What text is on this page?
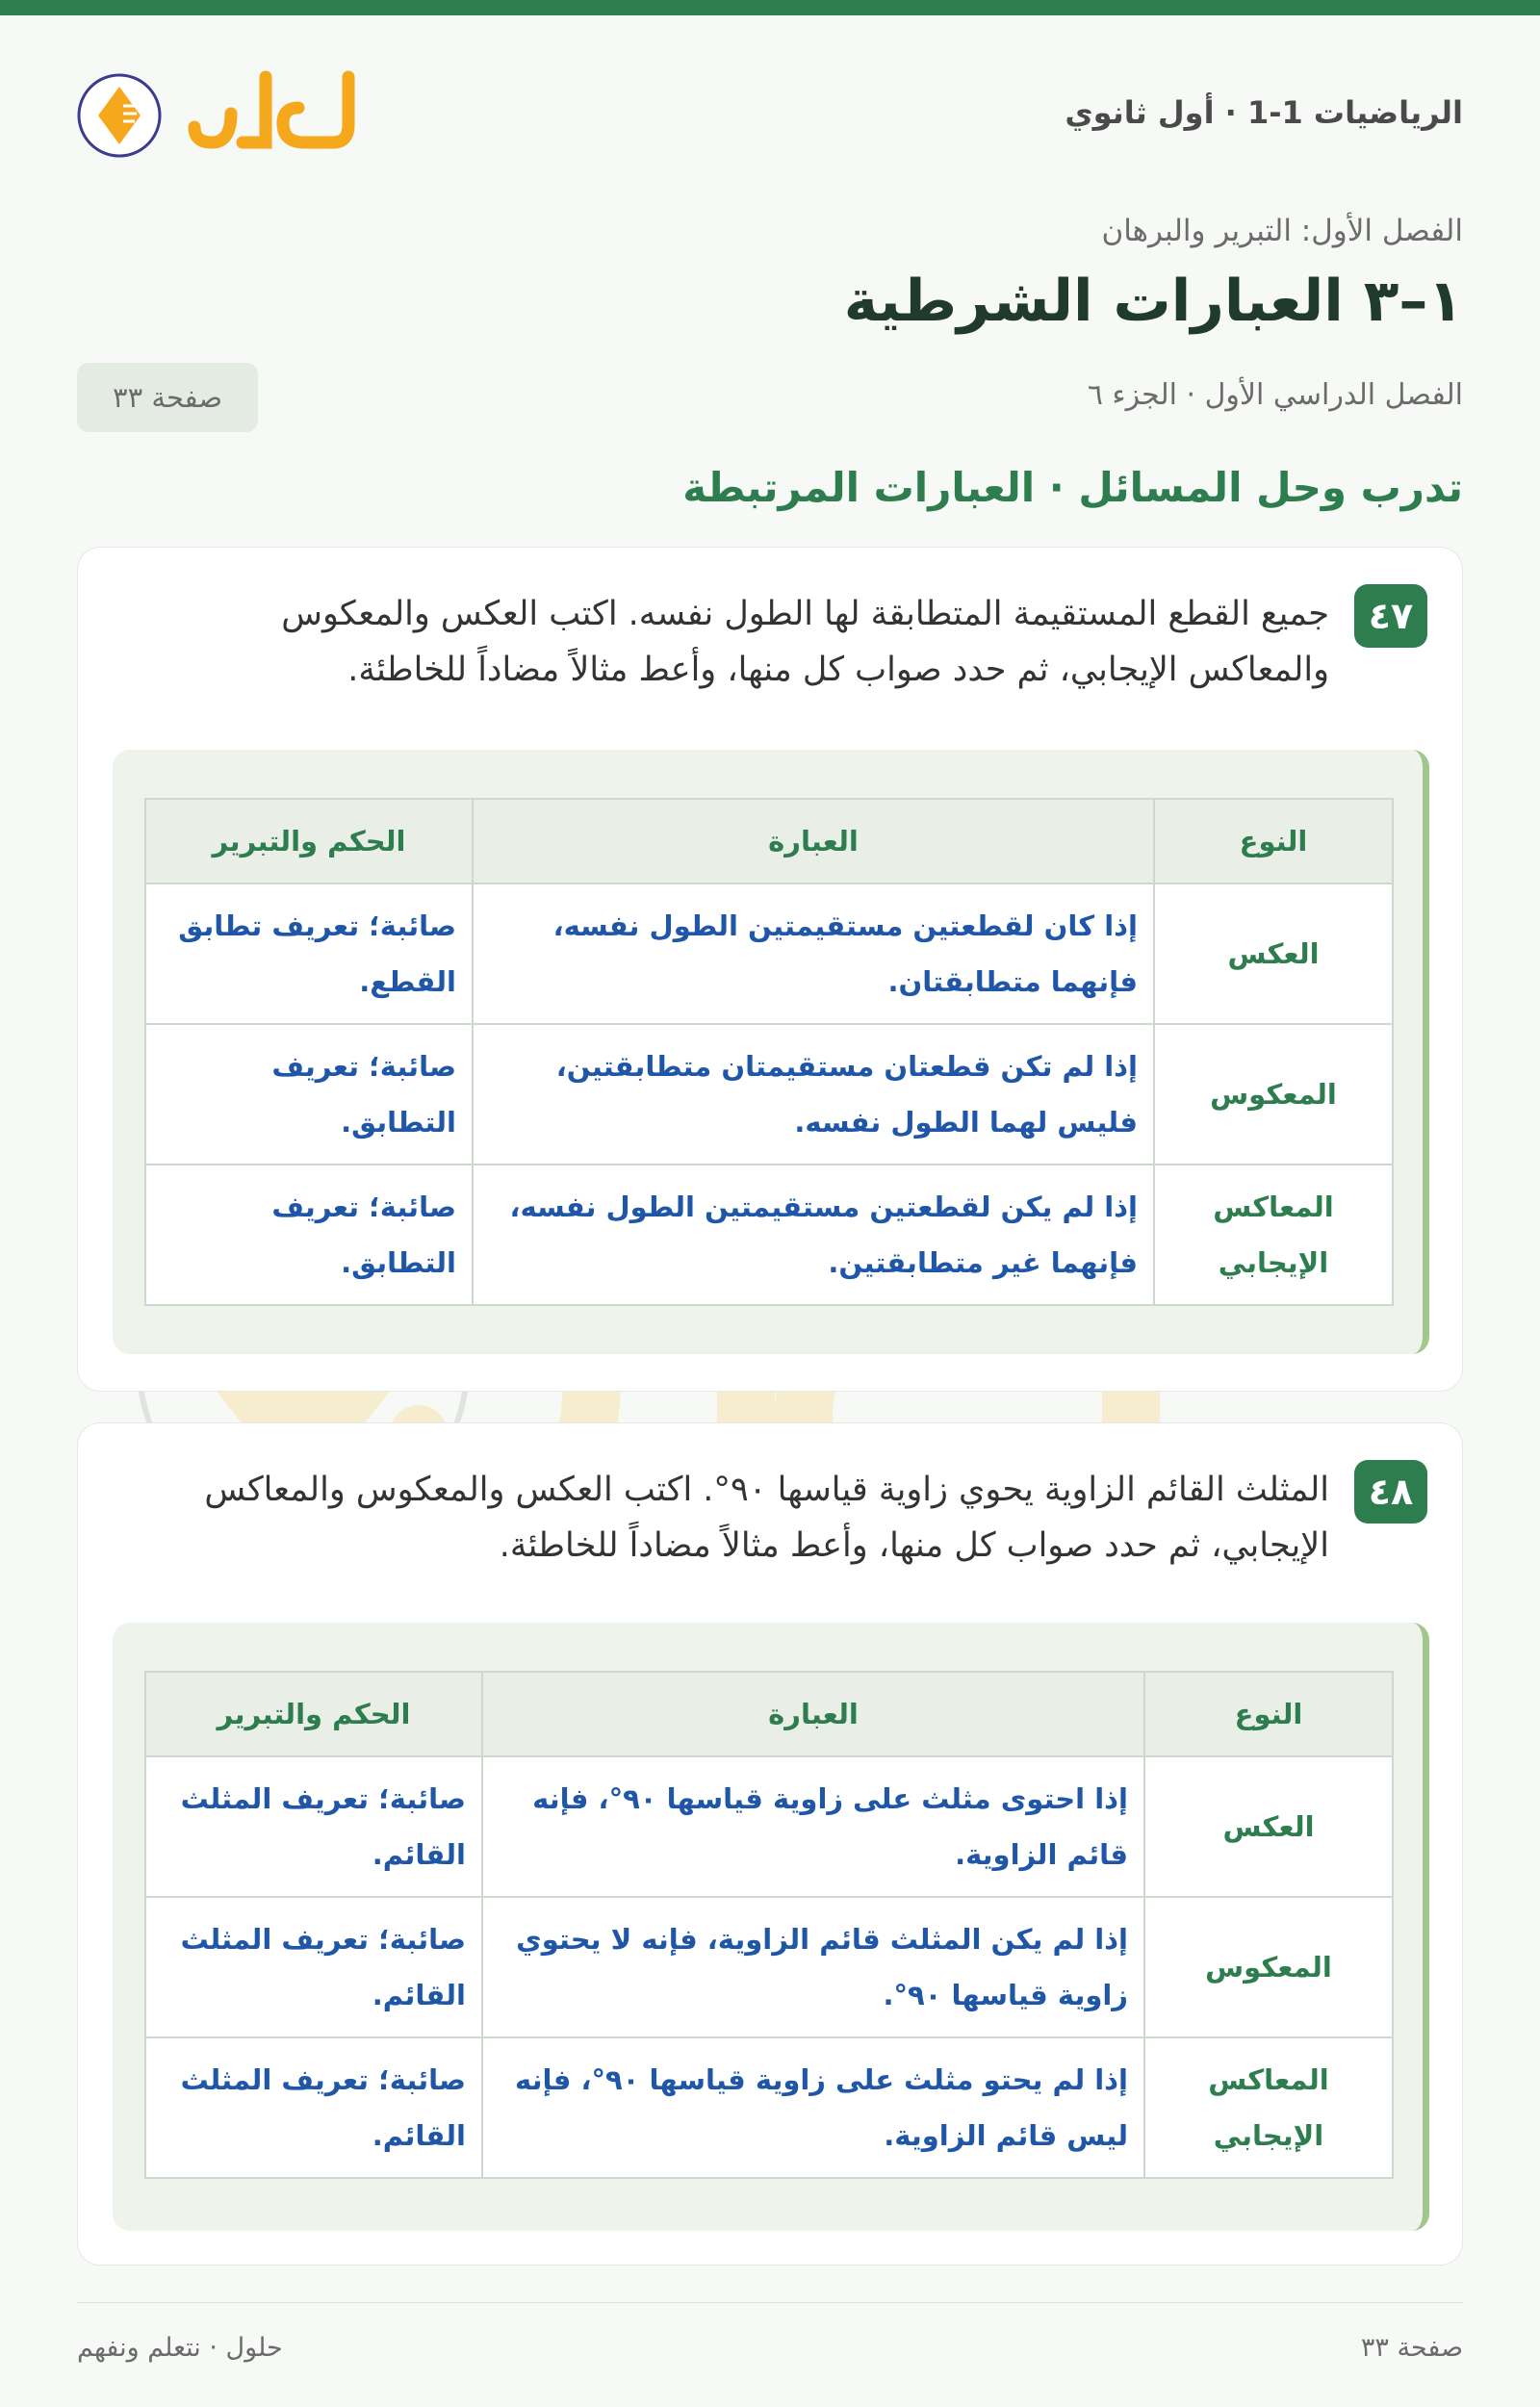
الرياضيات 1-1 · أول ثانوي
الفصل الأول: التبرير والبرهان
١–٣ العبارات الشرطية
الفصل الدراسي الأول · الجزء ٦
صفحة ٣٣
تدرب وحل المسائل · العبارات المرتبطة
٤٧

جميع القطع المستقيمة المتطابقة لها الطول نفسه. اكتب العكس والمعكوس والمعاكس الإيجابي، ثم حدد صواب كل منها، وأعط مثالاً مضاداً للخاطئة.

النوع	العبارة	الحكم والتبرير
العكس	إذا كان لقطعتين مستقيمتين الطول نفسه، فإنهما متطابقتان.	صائبة؛ تعريف تطابق القطع.
المعكوس	إذا لم تكن قطعتان مستقيمتان متطابقتين، فليس لهما الطول نفسه.	صائبة؛ تعريف التطابق.
المعاكس الإيجابي	إذا لم يكن لقطعتين مستقيمتين الطول نفسه، فإنهما غير متطابقتين.	صائبة؛ تعريف التطابق.
٤٨

المثلث القائم الزاوية يحوي زاوية قياسها ٩٠°. اكتب العكس والمعكوس والمعاكس الإيجابي، ثم حدد صواب كل منها، وأعط مثالاً مضاداً للخاطئة.

النوع	العبارة	الحكم والتبرير
العكس	إذا احتوى مثلث على زاوية قياسها ٩٠°، فإنه قائم الزاوية.	صائبة؛ تعريف المثلث القائم.
المعكوس	إذا لم يكن المثلث قائم الزاوية، فإنه لا يحتوي زاوية قياسها ٩٠°.	صائبة؛ تعريف المثلث القائم.
المعاكس الإيجابي	إذا لم يحتو مثلث على زاوية قياسها ٩٠°، فإنه ليس قائم الزاوية.	صائبة؛ تعريف المثلث القائم.
صفحة ٣٣
حلول · نتعلم ونفهم
